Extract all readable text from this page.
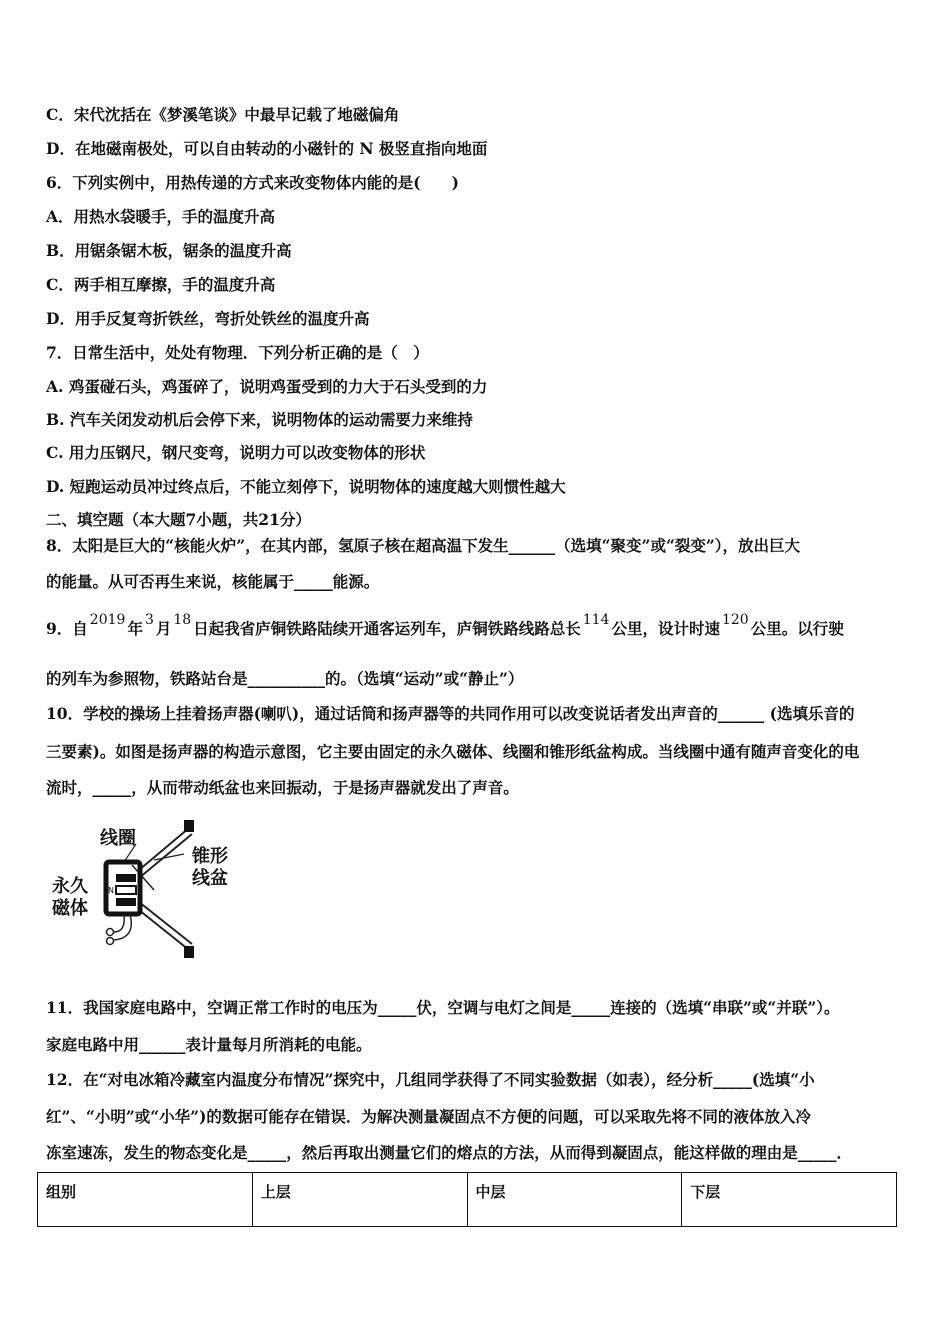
C．宋代沈括在《梦溪笔谈》中最早记载了地磁偏角
D．在地磁南极处，可以自由转动的小磁针的 N 极竖直指向地面
6．下列实例中，用热传递的方式来改变物体内能的是(　　)
A．用热水袋暖手，手的温度升高
B．用锯条锯木板，锯条的温度升高
C．两手相互摩擦，手的温度升高
D．用手反复弯折铁丝，弯折处铁丝的温度升高
7．日常生活中，处处有物理．下列分析正确的是（　）
A. 鸡蛋碰石头，鸡蛋碎了，说明鸡蛋受到的力大于石头受到的力
B. 汽车关闭发动机后会停下来，说明物体的运动需要力来维持
C. 用力压钢尺，钢尺变弯，说明力可以改变物体的形状
D. 短跑运动员冲过终点后，不能立刻停下，说明物体的速度越大则惯性越大
二、填空题（本大题7小题，共21分）
8．太阳是巨大的“核能火炉”，在其内部，氢原子核在超高温下发生______（选填“聚变”或“裂变”），放出巨大
的能量。从可否再生来说，核能属于_____能源。
9．自 2019 年 3 月 18 日起我省庐铜铁路陆续开通客运列车，庐铜铁路线路总长 114 公里，设计时速 120 公里。以行驶
的列车为参照物，铁路站台是__________的。（选填“运动”或“静止”）
10．学校的操场上挂着扬声器(喇叭)，通过话筒和扬声器等的共同作用可以改变说话者发出声音的______ (选填乐音的
三要素)。如图是扬声器的构造示意图，它主要由固定的永久磁体、线圈和锥形纸盆构成。当线圈中通有随声音变化的电
流时，_____，从而带动纸盆也来回振动，于是扬声器就发出了声音。
N
线圈
锥形
线盆
永久
磁体
11．我国家庭电路中，空调正常工作时的电压为_____伏，空调与电灯之间是_____连接的（选填“串联”或“并联”）。
家庭电路中用______表计量每月所消耗的电能。
12．在“对电冰箱冷藏室内温度分布情况”探究中，几组同学获得了不同实验数据（如表），经分析_____(选填“小
红”、“小明”或“小华”)的数据可能存在错误．为解决测量凝固点不方便的问题，可以采取先将不同的液体放入冷
冻室速冻，发生的物态变化是_____，然后再取出测量它们的熔点的方法，从而得到凝固点，能这样做的理由是_____．
组别	上层	中层	下层
